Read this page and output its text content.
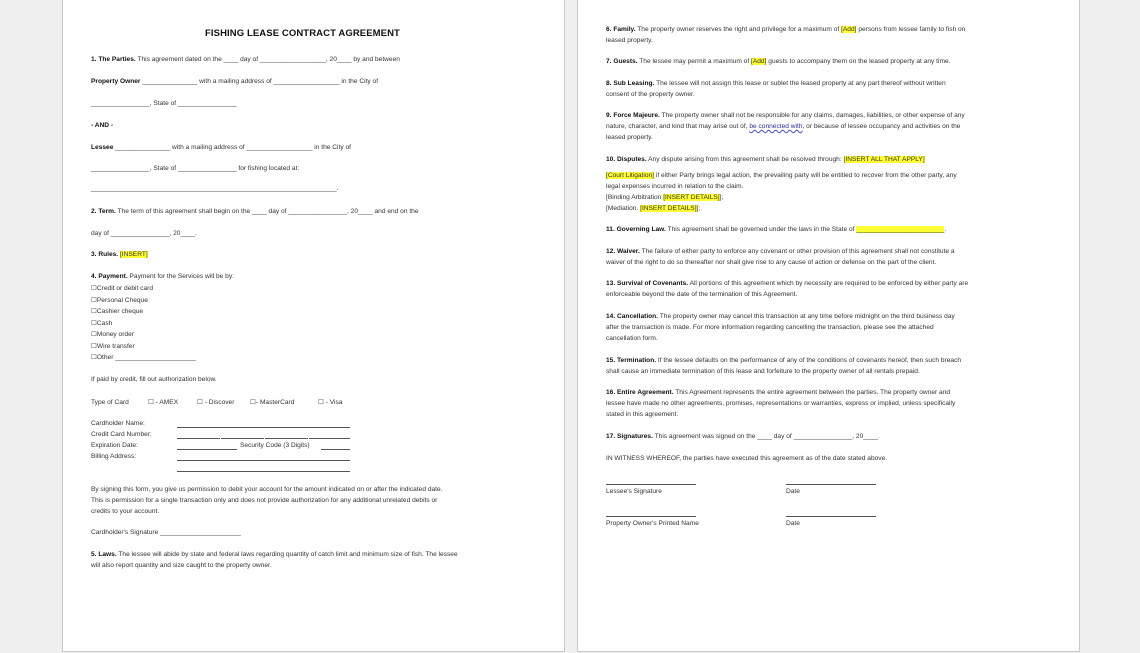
FISHING LEASE CONTRACT AGREEMENT
1. The Parties. This agreement dated on the ____ day of __________________, 20____ by and between
Property Owner _______________ with a mailing address of __________________ in the City of
________________, State of ________________
- AND -
Lessee _______________ with a mailing address of __________________ in the City of
________________, State of ________________ for fishing located at:
___________________________________________________________________.
2. Term. The term of this agreement shall begin on the ____ day of ________________, 20____ and end on the
day of ________________, 20____.
3. Rules. [INSERT]
4. Payment. Payment for the Services will be by:
☐Credit or debit card
☐Personal Cheque
☐Cashier cheque
☐Cash
☐Money order
☐Wire transfer
☐Other ______________________
If paid by credit, fill out authorization below.
Type of Card	☐ - AMEX	☐ - Discover ☐- MasterCard	☐ - Visa
Cardholder Name:
Credit Card Number:
Expiration Date:	Security Code (3 Digits)
Billing Address:
By signing this form, you give us permission to debit your account for the amount indicated on or after the indicated date.
This is permission for a single transaction only and does not provide authorization for any additional unrelated debits or
credits to your account.
Cardholder's Signature ______________________
5. Laws. The lessee will abide by state and federal laws regarding quantity of catch limit and minimum size of fish. The lessee
will also report quantity and size caught to the property owner.
6. Family. The property owner reserves the right and privilege for a maximum of [Add] persons from lessee family to fish on
leased property.
7. Guests. The lessee may permit a maximum of [Add] guests to accompany them on the leased property at any time.
8. Sub Leasing. The lessee will not assign this lease or sublet the leased property at any part thereof without written
consent of the property owner.
9. Force Majeure. The property owner shall not be responsible for any claims, damages, liabilities, or other expense of any
nature, character, and kind that may arise out of, be connected with, or because of lessee occupancy and activities on the
leased property.
10. Disputes. Any dispute arising from this agreement shall be resolved through: [INSERT ALL THAT APPLY]
[Court Litigation] if either Party brings legal action, the prevailing party will be entitled to recover from the other party, any
legal expenses incurred in relation to the claim.
[Binding Arbitration [INSERT DETAILS]];
[Mediation. [INSERT DETAILS]];
11. Governing Law. This agreement shall be governed under the laws in the State of ________________________.
12. Waiver. The failure of either party to enforce any covenant or other provision of this agreement shall not constitute a
waiver of the right to do so thereafter nor shall give rise to any cause of action or defense on the part of the client.
13. Survival of Covenants. All portions of this agreement which by necessity are required to be enforced by either party are
enforceable beyond the date of the termination of this Agreement.
14. Cancellation. The property owner may cancel this transaction at any time before midnight on the third business day
after the transaction is made. For more information regarding cancelling the transaction, please see the attached
cancellation form.
15. Termination. If the lessee defaults on the performance of any of the conditions of covenants hereof, then such breach
shall cause an immediate termination of this lease and forfeiture to the property owner of all rentals prepaid.
16. Entire Agreement. This Agreement represents the entire agreement between the parties. The property owner and
lessee have made no other agreements, promises, representations or warranties, express or implied, unless specifically
stated in this agreement.
17. Signatures. This agreement was signed on the ____ day of ________________, 20____.
IN WITNESS WHEREOF, the parties have executed this agreement as of the date stated above.
Lessee's Signature	Date
Property Owner's Printed Name	Date
